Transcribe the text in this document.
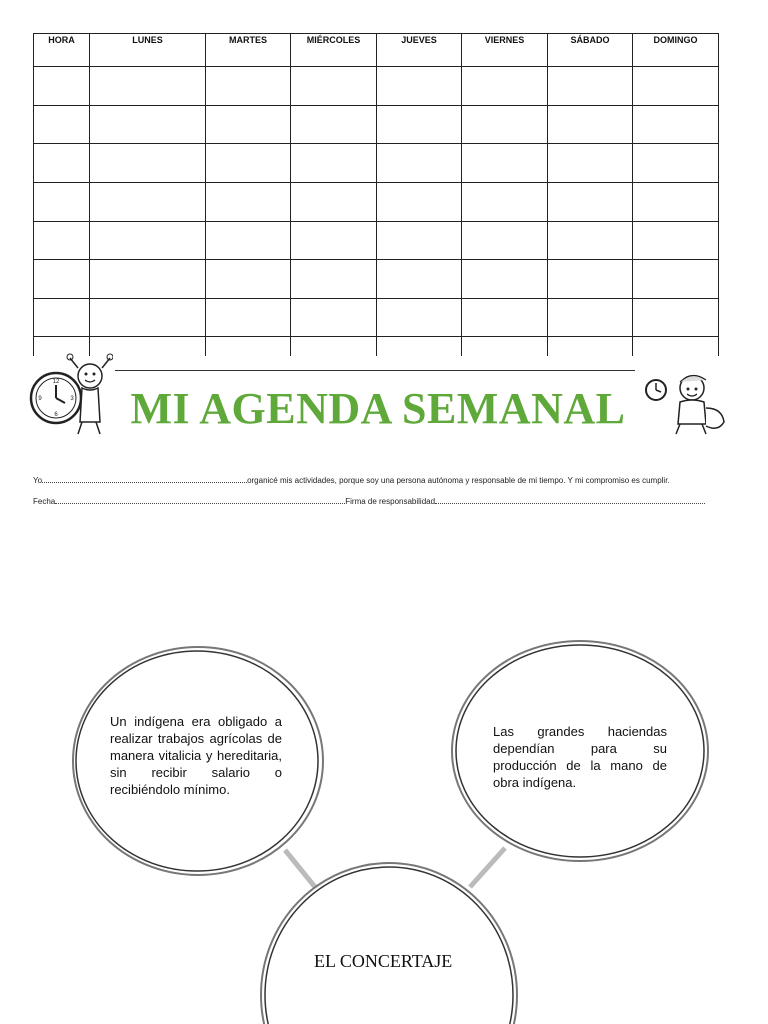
HORA	LUNES	MARTES	MIÉRCOLES	JUEVES	VIERNES	SÁBADO	DOMINGO

12
3
6
9 MI AGENDA SEMANAL
Yo	organicé mis actividades, porque soy una persona autónoma y responsable de mi tiempo. Y mi compromiso es cumplir.
Fecha	Firma de responsabilidad
Un indígena era obligado a realizar trabajos agrícolas de manera vitalicia y hereditaria, sin recibir salario o recibiéndolo mínimo.
Las grandes haciendas dependían para su producción de la mano de obra indígena.
EL CONCERTAJE
